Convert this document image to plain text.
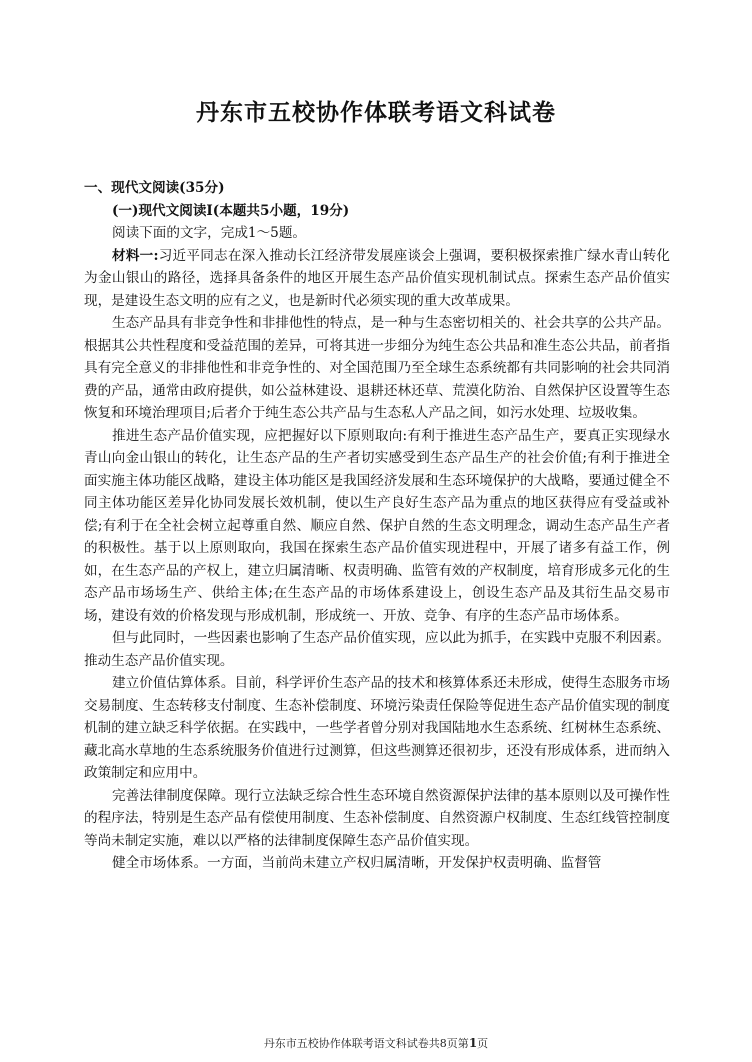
丹东市五校协作体联考语文科试卷

一、现代文阅读(35分)

(一)现代文阅读Ⅰ(本题共5小题，19分)

阅读下面的文字，完成1～5题。

材料一:习近平同志在深入推动长江经济带发展座谈会上强调，要积极探索推广绿水青山转化为金山银山的路径，选择具备条件的地区开展生态产品价值实现机制试点。探索生态产品价值实现，是建设生态文明的应有之义，也是新时代必须实现的重大改革成果。

生态产品具有非竞争性和非排他性的特点，是一种与生态密切相关的、社会共享的公共产品。根据其公共性程度和受益范围的差异，可将其进一步细分为纯生态公共品和准生态公共品，前者指具有完全意义的非排他性和非竞争性的、对全国范围乃至全球生态系统都有共同影响的社会共同消费的产品，通常由政府提供，如公益林建设、退耕还林还草、荒漠化防治、自然保护区设置等生态恢复和环境治理项目;后者介于纯生态公共产品与生态私人产品之间，如污水处理、垃圾收集。

推进生态产品价值实现，应把握好以下原则取向:有利于推进生态产品生产，要真正实现绿水青山向金山银山的转化，让生态产品的生产者切实感受到生态产品生产的社会价值;有利于推进全面实施主体功能区战略，建设主体功能区是我国经济发展和生态环境保护的大战略，要通过健全不同主体功能区差异化协同发展长效机制，使以生产良好生态产品为重点的地区获得应有受益或补偿;有利于在全社会树立起尊重自然、顺应自然、保护自然的生态文明理念，调动生态产品生产者的积极性。基于以上原则取向，我国在探索生态产品价值实现进程中，开展了诸多有益工作，例如，在生态产品的产权上，建立归属清晰、权责明确、监管有效的产权制度，培育形成多元化的生态产品市场场生产、供给主体;在生态产品的市场体系建设上，创设生态产品及其衍生品交易市场，建设有效的价格发现与形成机制，形成统一、开放、竞争、有序的生态产品市场体系。

但与此同时，一些因素也影响了生态产品价值实现，应以此为抓手，在实践中克服不利因素。推动生态产品价值实现。

建立价值估算体系。目前，科学评价生态产品的技术和核算体系还未形成，使得生态服务市场交易制度、生态转移支付制度、生态补偿制度、环境污染责任保险等促进生态产品价值实现的制度机制的建立缺乏科学依据。在实践中，一些学者曾分别对我国陆地水生态系统、红树林生态系统、藏北高水草地的生态系统服务价值进行过测算，但这些测算还很初步，还没有形成体系，进而纳入政策制定和应用中。

完善法律制度保障。现行立法缺乏综合性生态环境自然资源保护法律的基本原则以及可操作性的程序法，特别是生态产品有偿使用制度、生态补偿制度、自然资源户权制度、生态红线管控制度等尚未制定实施，难以以严格的法律制度保障生态产品价值实现。

健全市场体系。一方面，当前尚未建立产权归属清晰，开发保护权责明确、监督管

丹东市五校协作体联考语文科试卷共8页第1页
